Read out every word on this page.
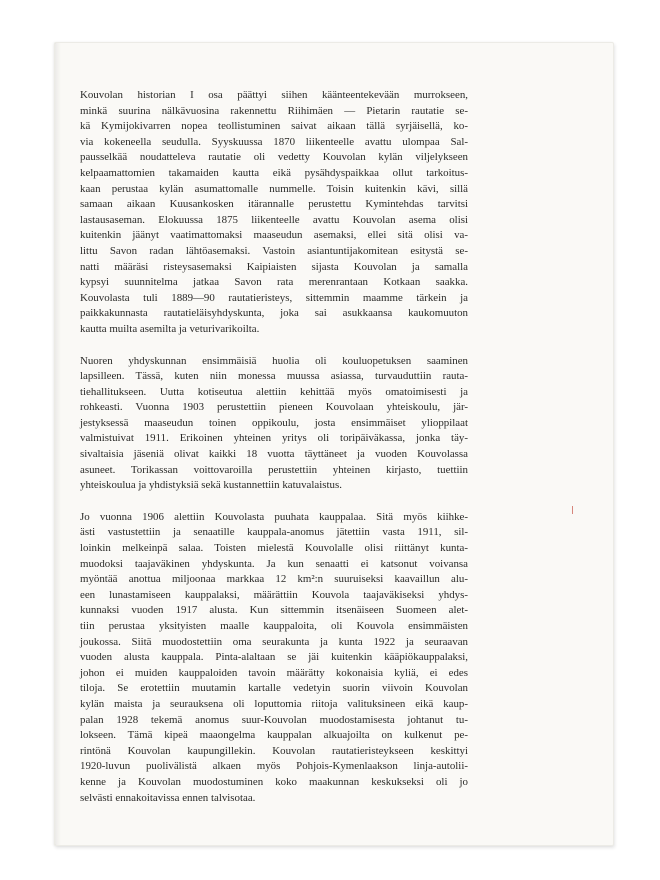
Kouvolan historian I osa päättyi siihen käänteentekevään murrokseen,
minkä suurina nälkävuosina rakennettu Riihimäen — Pietarin rautatie se-
kä Kymijokivarren nopea teollistuminen saivat aikaan tällä syrjäisellä, ko-
via kokeneella seudulla. Syyskuussa 1870 liikenteelle avattu ulompaa Sal-
pausselkää noudatteleva rautatie oli vedetty Kouvolan kylän viljelykseen
kelpaamattomien takamaiden kautta eikä pysähdyspaikkaa ollut tarkoitus-
kaan perustaa kylän asumattomalle nummelle. Toisin kuitenkin kävi, sillä
samaan aikaan Kuusankosken itärannalle perustettu Kymintehdas tarvitsi
lastausaseman. Elokuussa 1875 liikenteelle avattu Kouvolan asema olisi
kuitenkin jäänyt vaatimattomaksi maaseudun asemaksi, ellei sitä olisi va-
littu Savon radan lähtöasemaksi. Vastoin asiantuntijakomitean esitystä se-
natti määräsi risteysasemaksi Kaipiaisten sijasta Kouvolan ja samalla
kypsyi suunnitelma jatkaa Savon rata merenrantaan Kotkaan saakka.
Kouvolasta tuli 1889—90 rautatieristeys, sittemmin maamme tärkein ja
paikkakunnasta rautatieläisyhdyskunta, joka sai asukkaansa kaukomuuton
kautta muilta asemilta ja veturivarikoilta.
Nuoren yhdyskunnan ensimmäisiä huolia oli kouluopetuksen saaminen
lapsilleen. Tässä, kuten niin monessa muussa asiassa, turvauduttiin rauta-
tiehallitukseen. Uutta kotiseutua alettiin kehittää myös omatoimisesti ja
rohkeasti. Vuonna 1903 perustettiin pieneen Kouvolaan yhteiskoulu, jär-
jestyksessä maaseudun toinen oppikoulu, josta ensimmäiset ylioppilaat
valmistuivat 1911. Erikoinen yhteinen yritys oli toripäiväkassa, jonka täy-
sivaltaisia jäseniä olivat kaikki 18 vuotta täyttäneet ja vuoden Kouvolassa
asuneet. Torikassan voittovaroilla perustettiin yhteinen kirjasto, tuettiin
yhteiskoulua ja yhdistyksiä sekä kustannettiin katuvalaistus.
Jo vuonna 1906 alettiin Kouvolasta puuhata kauppalaa. Sitä myös kiihke-
ästi vastustettiin ja senaatille kauppala-anomus jätettiin vasta 1911, sil-
loinkin melkeinpä salaa. Toisten mielestä Kouvolalle olisi riittänyt kunta-
muodoksi taajaväkinen yhdyskunta. Ja kun senaatti ei katsonut voivansa
myöntää anottua miljoonaa markkaa 12 km²:n suuruiseksi kaavaillun alu-
een lunastamiseen kauppalaksi, määrättiin Kouvola taajaväkiseksi yhdys-
kunnaksi vuoden 1917 alusta. Kun sittemmin itsenäiseen Suomeen alet-
tiin perustaa yksityisten maalle kauppaloita, oli Kouvola ensimmäisten
joukossa. Siitä muodostettiin oma seurakunta ja kunta 1922 ja seuraavan
vuoden alusta kauppala. Pinta-alaltaan se jäi kuitenkin kääpiökauppalaksi,
johon ei muiden kauppaloiden tavoin määrätty kokonaisia kyliä, ei edes
tiloja. Se erotettiin muutamin kartalle vedetyin suorin viivoin Kouvolan
kylän maista ja seurauksena oli loputtomia riitoja valituksineen eikä kaup-
palan 1928 tekemä anomus suur-Kouvolan muodostamisesta johtanut tu-
lokseen. Tämä kipeä maaongelma kauppalan alkuajoilta on kulkenut pe-
rintönä Kouvolan kaupungillekin. Kouvolan rautatieristeykseen keskittyi
1920-luvun puolivälistä alkaen myös Pohjois-Kymenlaakson linja-autolii-
kenne ja Kouvolan muodostuminen koko maakunnan keskukseksi oli jo
selvästi ennakoitavissa ennen talvisotaa.
